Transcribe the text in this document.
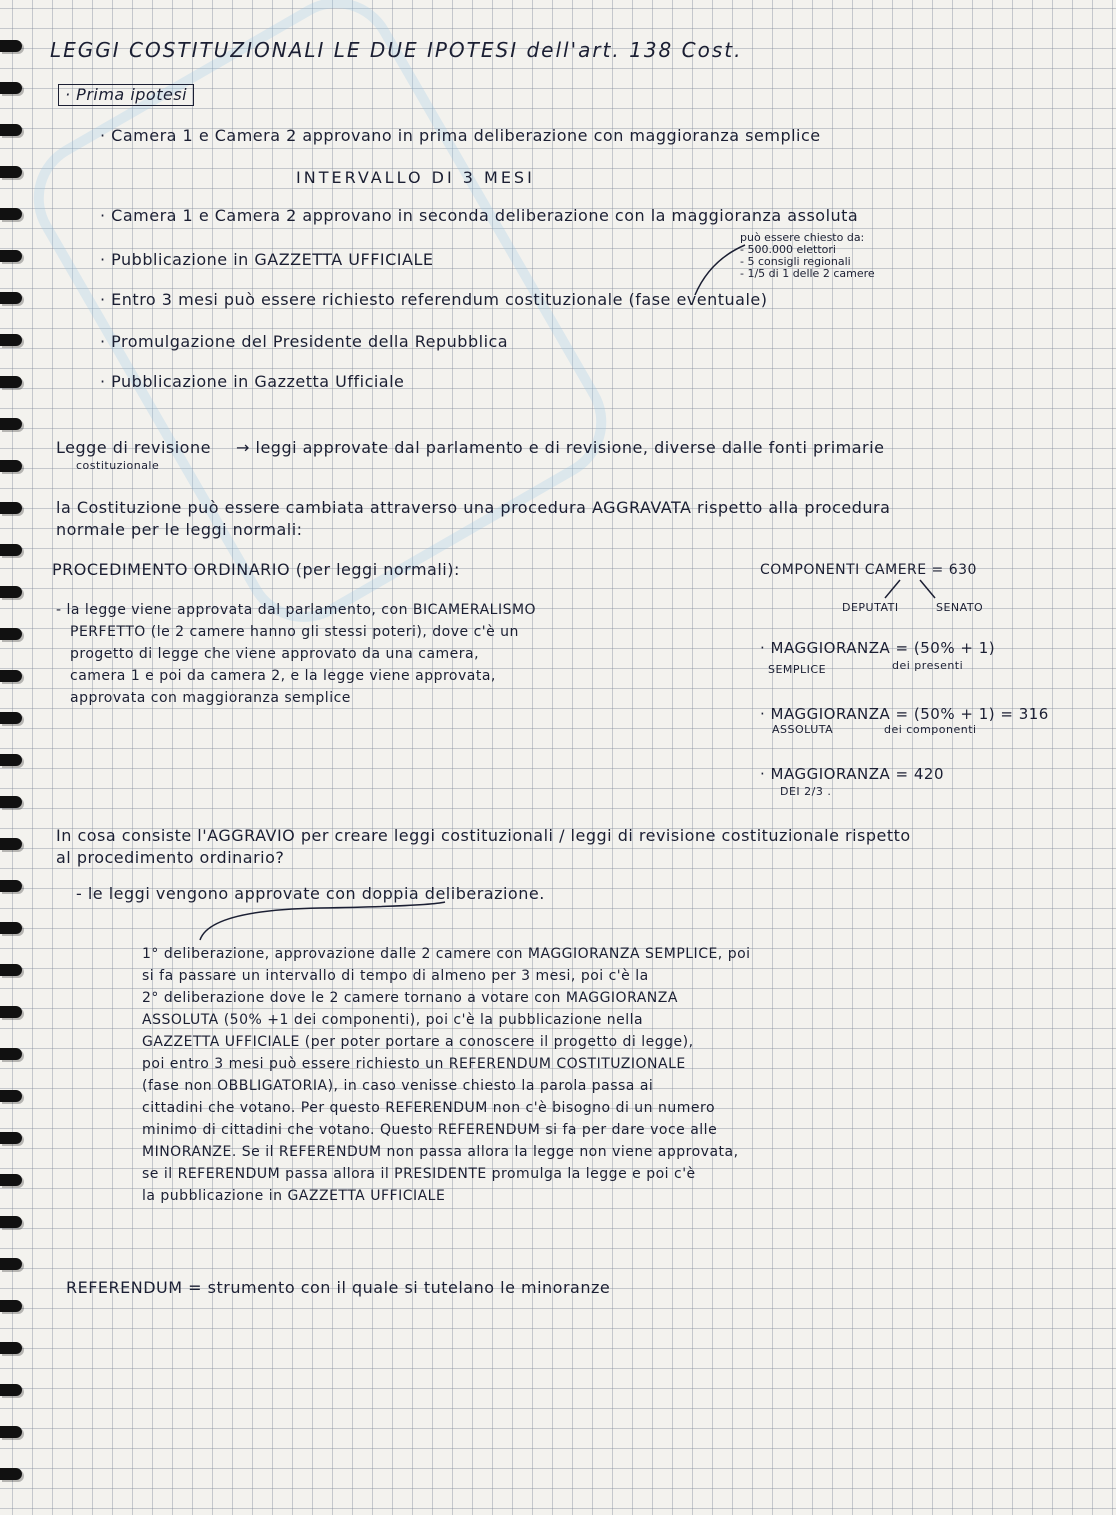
LEGGI COSTITUZIONALI LE DUE IPOTESI dell'art. 138 Cost.
· Prima ipotesi
· Camera 1 e Camera 2 approvano in prima deliberazione con maggioranza semplice
INTERVALLO DI 3 MESI
· Camera 1 e Camera 2 approvano in seconda deliberazione con la maggioranza assoluta
· Pubblicazione in GAZZETTA UFFICIALE
· Entro 3 mesi può essere richiesto referendum costituzionale (fase eventuale)
· Promulgazione del Presidente della Repubblica
· Pubblicazione in Gazzetta Ufficiale
può essere chiesto da:
- 500.000 elettori
- 5 consigli regionali
- 1/5 di 1 delle 2 camere
Legge di revisione
costituzionale
→ leggi approvate dal parlamento e di revisione, diverse dalle fonti primarie
la Costituzione può essere cambiata attraverso una procedura AGGRAVATA rispetto alla procedura
normale per le leggi normali:
PROCEDIMENTO ORDINARIO (per leggi normali):
- la legge viene approvata dal parlamento, con BICAMERALISMO
PERFETTO (le 2 camere hanno gli stessi poteri), dove c'è un
progetto di legge che viene approvato da una camera,
camera 1 e poi da camera 2, e la legge viene approvata,
approvata con maggioranza semplice
COMPONENTI CAMERE = 630
DEPUTATI	SENATO
· MAGGIORANZA = (50% + 1)
SEMPLICE	dei presenti
· MAGGIORANZA = (50% + 1) = 316
ASSOLUTA	dei componenti
· MAGGIORANZA = 420
DEI 2/3 .
In cosa consiste l'AGGRAVIO per creare leggi costituzionali / leggi di revisione costituzionale rispetto
al procedimento ordinario?
- le leggi vengono approvate con doppia deliberazione.
1° deliberazione, approvazione dalle 2 camere con MAGGIORANZA SEMPLICE, poi
si fa passare un intervallo di tempo di almeno per 3 mesi, poi c'è la
2° deliberazione dove le 2 camere tornano a votare con MAGGIORANZA
ASSOLUTA (50% +1 dei componenti), poi c'è la pubblicazione nella
GAZZETTA UFFICIALE (per poter portare a conoscere il progetto di legge),
poi entro 3 mesi può essere richiesto un REFERENDUM COSTITUZIONALE
(fase non OBBLIGATORIA), in caso venisse chiesto la parola passa ai
cittadini che votano. Per questo REFERENDUM non c'è bisogno di un numero
minimo di cittadini che votano. Questo REFERENDUM si fa per dare voce alle
MINORANZE. Se il REFERENDUM non passa allora la legge non viene approvata,
se il REFERENDUM passa allora il PRESIDENTE promulga la legge e poi c'è
la pubblicazione in GAZZETTA UFFICIALE
REFERENDUM = strumento con il quale si tutelano le minoranze
